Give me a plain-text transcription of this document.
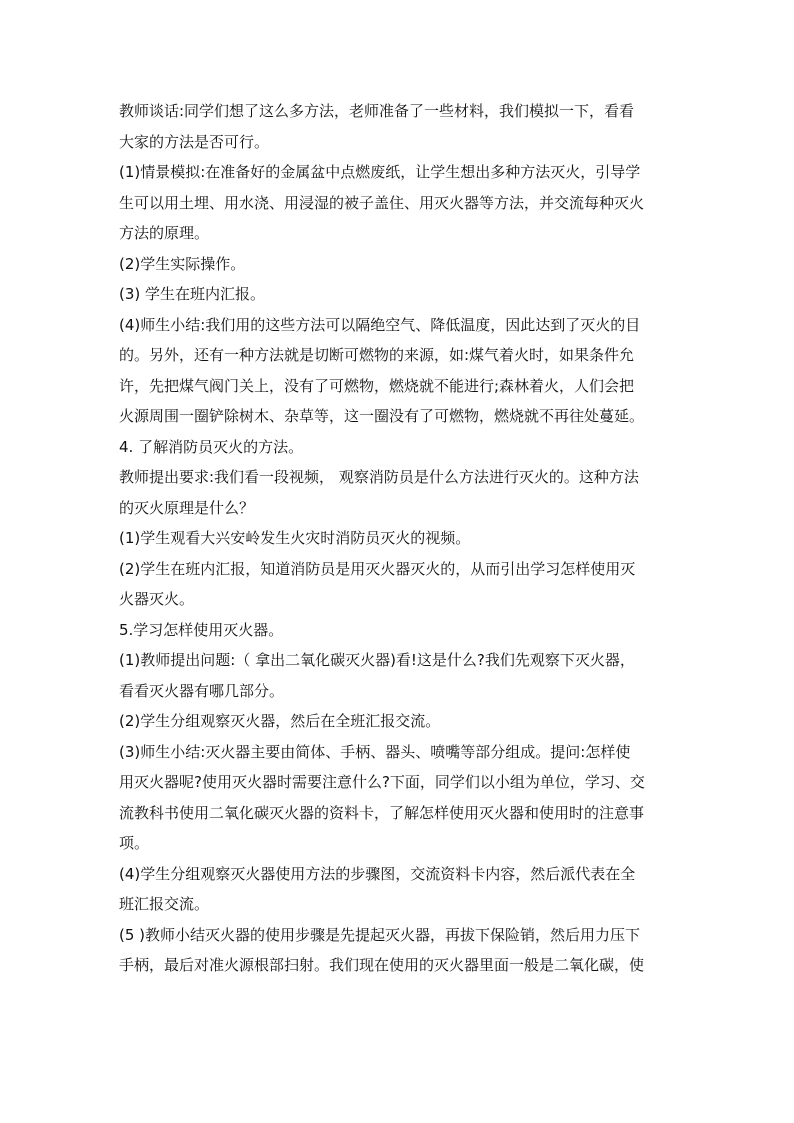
教师谈话:同学们想了这么多方法，老师准备了一些材料，我们模拟一下，看看
大家的方法是否可行。
(1)情景模拟:在准备好的金属盆中点燃废纸，让学生想出多种方法灭火，引导学
生可以用土埋、用水浇、用浸湿的被子盖住、用灭火器等方法，并交流每种灭火
方法的原理。
(2)学生实际操作。
(3) 学生在班内汇报。
(4)师生小结:我们用的这些方法可以隔绝空气、降低温度，因此达到了灭火的目
的。另外，还有一种方法就是切断可燃物的来源，如:煤气着火时，如果条件允
许，先把煤气阀门关上，没有了可燃物，燃烧就不能进行;森林着火，人们会把
火源周围一圈铲除树木、杂草等，这一圈没有了可燃物，燃烧就不再往处蔓延。
4. 了解消防员灭火的方法。
教师提出要求:我们看一段视频， 观察消防员是什么方法进行灭火的。这种方法
的灭火原理是什么？
(1)学生观看大兴安岭发生火灾时消防员灭火的视频。
(2)学生在班内汇报，知道消防员是用灭火器灭火的，从而引出学习怎样使用灭
火器灭火。
5.学习怎样使用灭火器。
(1)教师提出问题:（ 拿出二氧化碳灭火器)看!这是什么?我们先观察下灭火器，
看看灭火器有哪几部分。
(2)学生分组观察灭火器，然后在全班汇报交流。
(3)师生小结:灭火器主要由简体、手柄、器头、喷嘴等部分组成。提问:怎样使
用灭火器呢?使用灭火器时需要注意什么?下面，同学们以小组为单位，学习、交
流教科书使用二氧化碳灭火器的资料卡，了解怎样使用灭火器和使用时的注意事
项。
(4)学生分组观察灭火器使用方法的步骤图，交流资料卡内容，然后派代表在全
班汇报交流。
(5 )教师小结灭火器的使用步骤是先提起灭火器，再拔下保险销，然后用力压下
手柄，最后对准火源根部扫射。我们现在使用的灭火器里面一般是二氧化碳，使
